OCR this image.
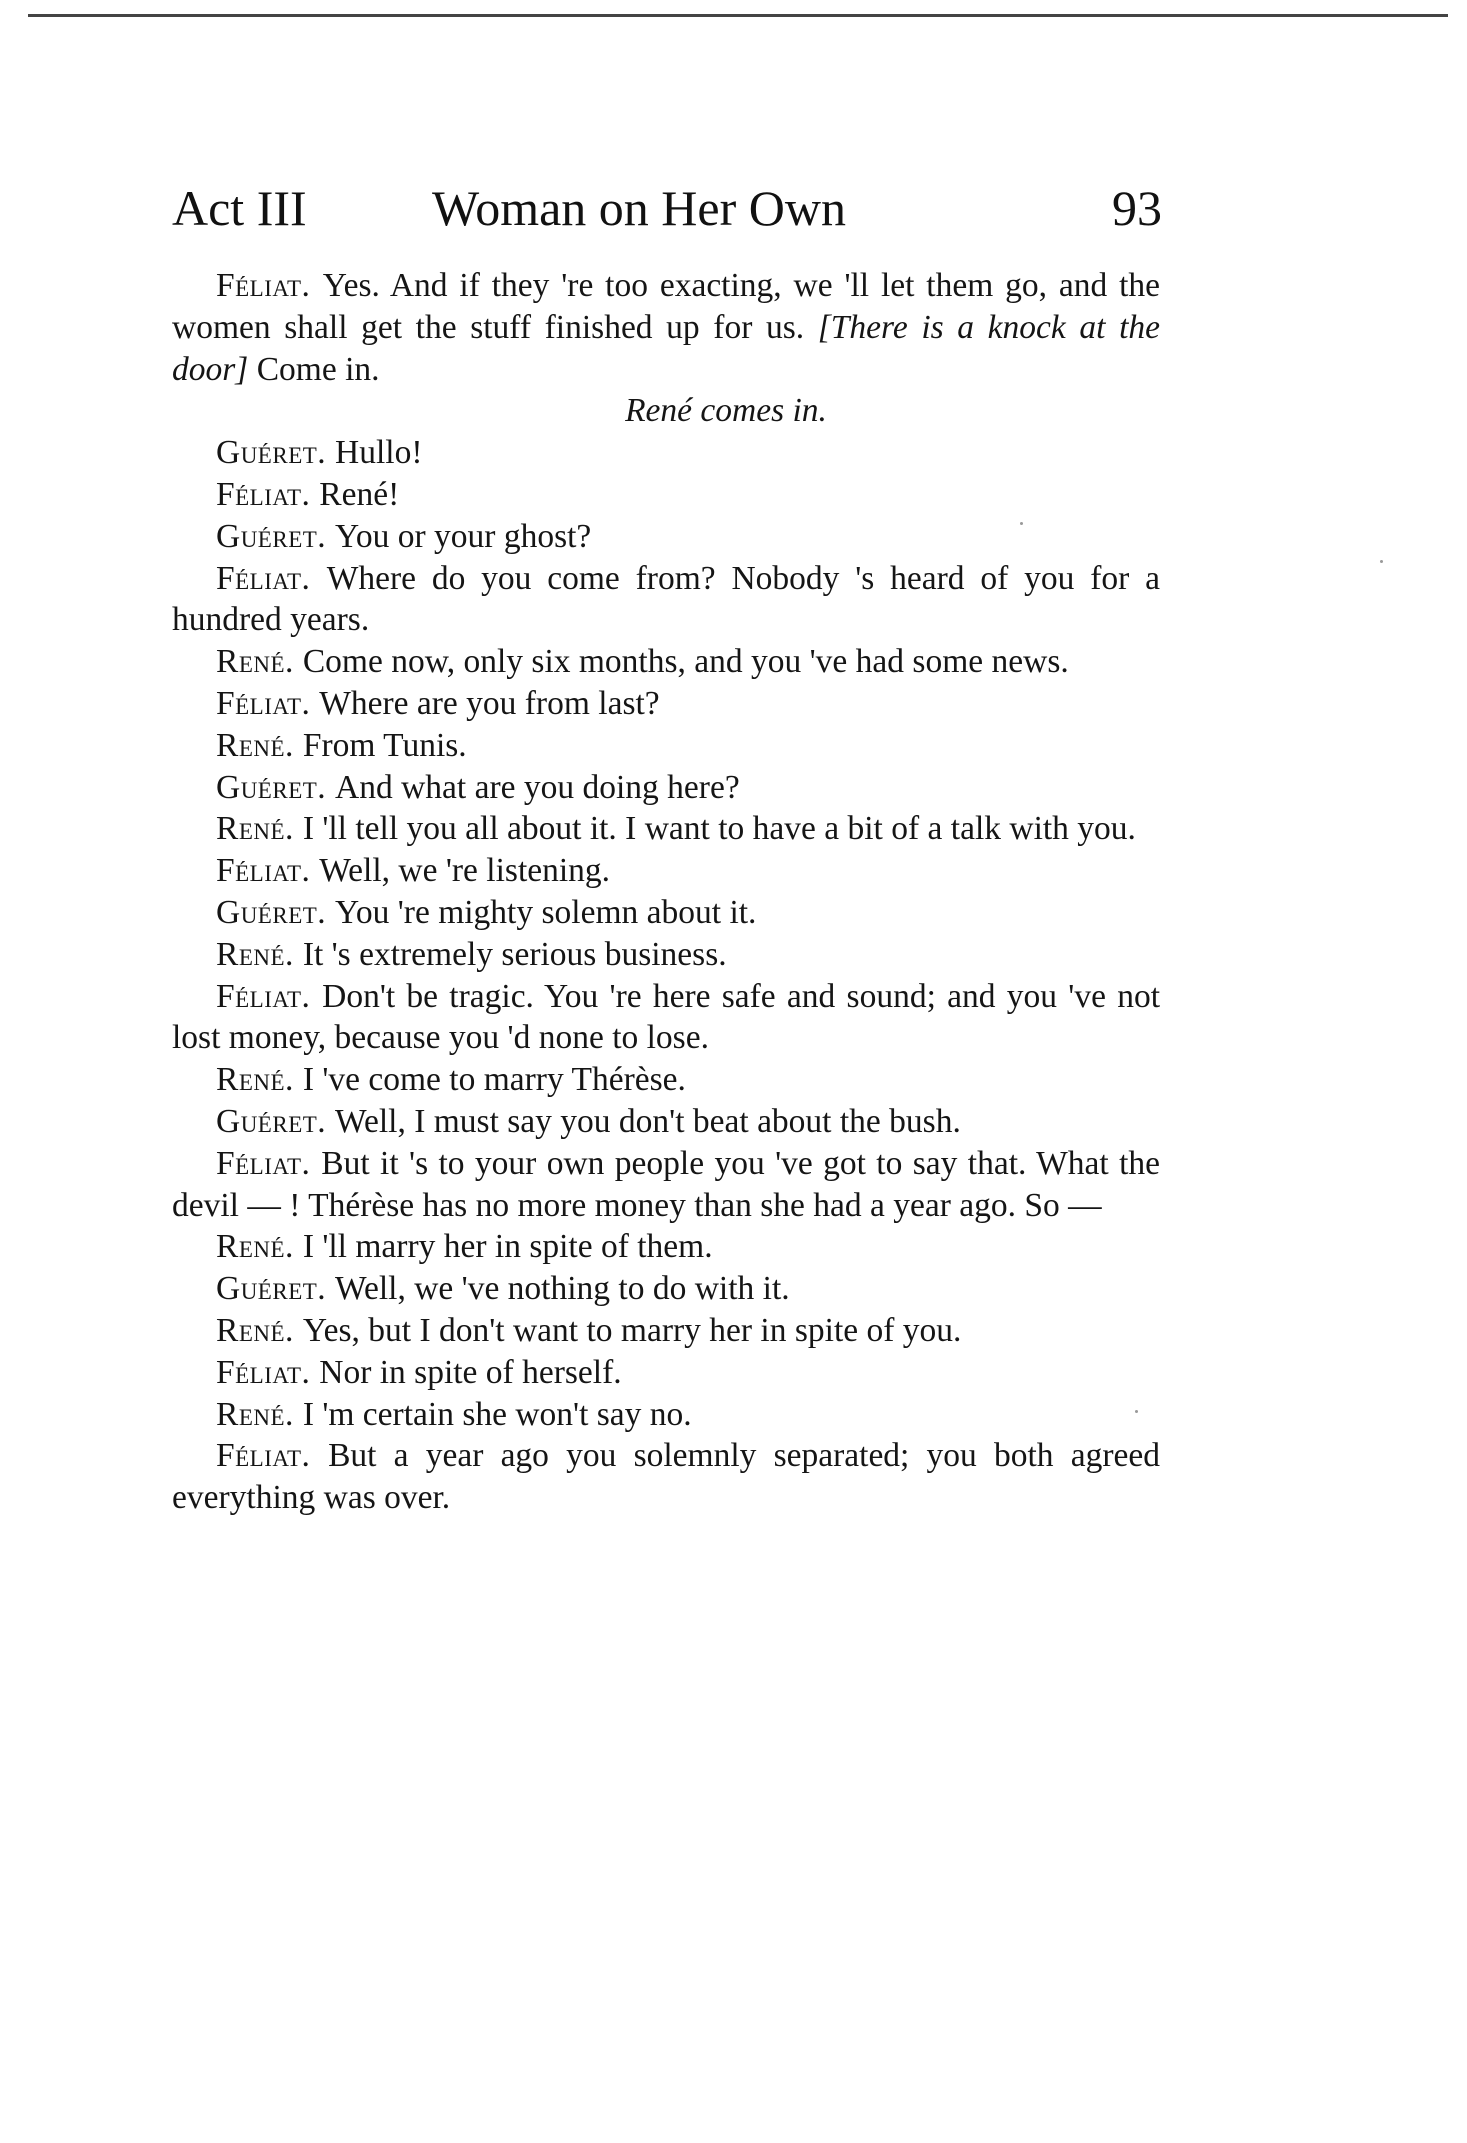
Act III	Woman on Her Own	93

Féliat. Yes. And if they 're too exacting, we 'll let them go, and the women shall get the stuff finished up for us. [There is a knock at the door] Come in.

René comes in.

Guéret. Hullo!

Féliat. René!

Guéret. You or your ghost?

Féliat. Where do you come from? Nobody 's heard of you for a hundred years.

René. Come now, only six months, and you 've had some news.

Féliat. Where are you from last?

René. From Tunis.

Guéret. And what are you doing here?

René. I 'll tell you all about it. I want to have a bit of a talk with you.

Féliat. Well, we 're listening.

Guéret. You 're mighty solemn about it.

René. It 's extremely serious business.

Féliat. Don't be tragic. You 're here safe and sound; and you 've not lost money, because you 'd none to lose.

René. I 've come to marry Thérèse.

Guéret. Well, I must say you don't beat about the bush.

Féliat. But it 's to your own people you 've got to say that. What the devil — ! Thérèse has no more money than she had a year ago. So —

René. I 'll marry her in spite of them.

Guéret. Well, we 've nothing to do with it.

René. Yes, but I don't want to marry her in spite of you.

Féliat. Nor in spite of herself.

René. I 'm certain she won't say no.

Féliat. But a year ago you solemnly separated; you both agreed everything was over.
